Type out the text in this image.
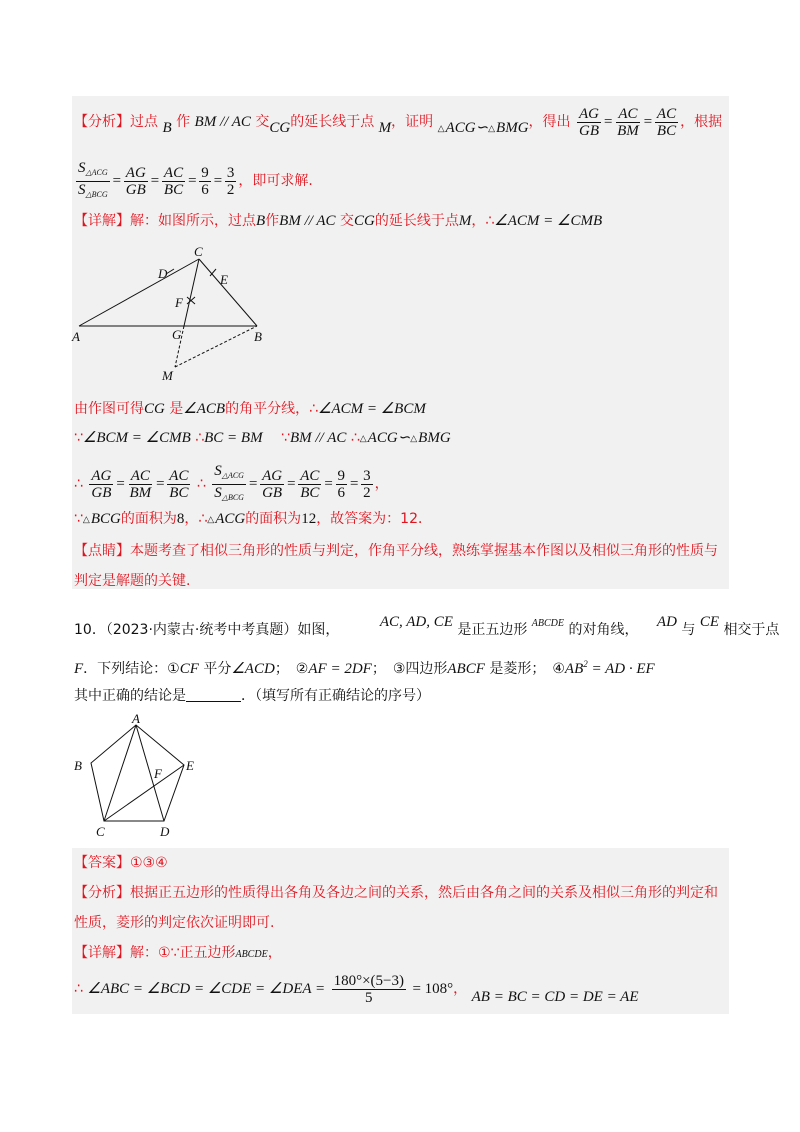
【分析】过点 B 作 BM // AC 交CG的延长线于点 M，证明 △ACG∽△BMG，得出 $\frac{AG}{GB} = \frac{AC}{BM} = \frac{AC}{BC}$ ，根据
$\frac{S_{\triangle ACG}}{S_{\triangle BCG}} = \frac{AG}{GB} = \frac{AC}{BC} = \frac{9}{6} = \frac{3}{2}$ ，即可求解.
【详解】解：如图所示，过点B作BM // AC 交CG的延长线于点M，∴∠ACM = ∠CMB
C
D	E
F
G
A	B
M
由作图可得CG 是∠ACB的角平分线，∴∠ACM = ∠BCM
∵∠BCM = ∠CMB ∴BC = BM ∵BM // AC ∴△ACG∽△BMG
∴ $\frac{AG}{GB} = \frac{AC}{BM} = \frac{AC}{BC}$ ∴ $\frac{S_{\triangle ACG}}{S_{\triangle BCG}} = \frac{AG}{GB} = \frac{AC}{BC} = \frac{9}{6} = \frac{3}{2}$ ，
∵△BCG的面积为8，∴△ACG的面积为12，故答案为：12．
【点睛】本题考查了相似三角形的性质与判定，作角平分线，熟练掌握基本作图以及相似三角形的性质与
判定是解题的关键.
10．（2023·内蒙古·统考中考真题）如图，	AC, AD, CE 是正五边形 $^{ABCDE}$ 的对角线， AD 与 CE 相交于点
F．下列结论：①CF 平分∠ACD；　②AF = 2DF；　③四边形ABCF 是菱形；　$④AB^2$ = AD · EF
其中正确的结论是	．（填写所有正确结论的序号）
A
B	E
F
C	D
【答案】①③④
【分析】根据正五边形的性质得出各角及各边之间的关系，然后由各角之间的关系及相似三角形的判定和
性质，菱形的判定依次证明即可.
【详解】解：①∵正五边形ABCDE，
∴ ∠ABC = ∠BCD = ∠CDE = ∠DEA = $\frac{180^\circ\times(5-3)}{5} = 108^\circ$， AB = BC = CD = DE = AE
